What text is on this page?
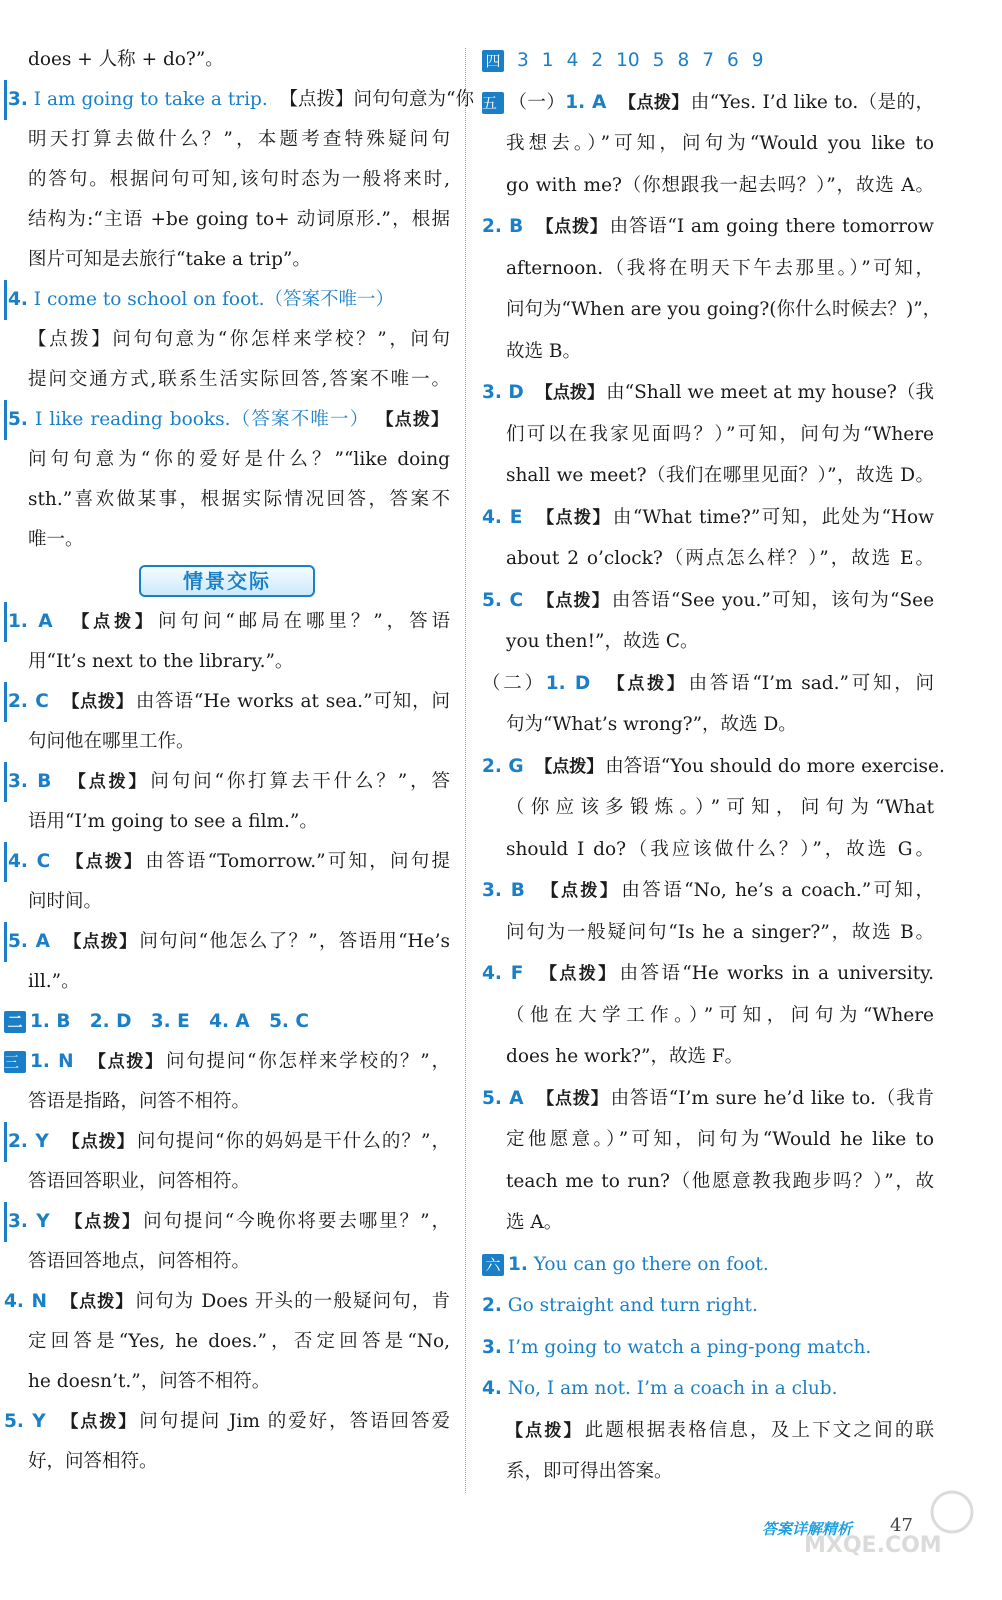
does + 人称 + do?”。
3. I am going to take a trip. 【点拨】问句句意为“你
明天打算去做什么？”，本题考查特殊疑问句
的答句。根据问句可知,该句时态为一般将来时,
结构为:“主语 +be going to+ 动词原形.”，根据
图片可知是去旅行“take a trip”。
4. I come to school on foot.（答案不唯一）
【点拨】问句句意为“你怎样来学校？”，问句
提问交通方式,联系生活实际回答,答案不唯一。
5. I like reading books.（答案不唯一） 【点拨】
问句句意为“你的爱好是什么？”“like doing
sth.”喜欢做某事，根据实际情况回答，答案不
唯一。
情景交际
1. A 【点拨】 问句问“邮局在哪里？”，答语
用“It’s next to the library.”。
2. C 【点拨】 由答语“He works at sea.”可知，问
句问他在哪里工作。
3. B 【点拨】 问句问“你打算去干什么？”，答
语用“I’m going to see a film.”。
4. C 【点拨】 由答语“Tomorrow.”可知，问句提
问时间。
5. A 【点拨】 问句问“他怎么了？”，答语用“He’s
ill.”。
二 1. B   2. D   3. E   4. A   5. C
三 1. N 【点拨】 问句提问“你怎样来学校的？”，
答语是指路，问答不相符。
2. Y 【点拨】 问句提问“你的妈妈是干什么的？”，
答语回答职业，问答相符。
3. Y 【点拨】 问句提问“今晚你将要去哪里？”，
答语回答地点，问答相符。
4. N 【点拨】 问句为 Does 开头的一般疑问句，肯
定回答是“Yes, he does.”，否定回答是“No,
he doesn’t.”，问答不相符。
5. Y 【点拨】 问句提问 Jim 的爱好，答语回答爱
好，问答相符。
四 3 1 4 2 10 5 8 7 6 9
五 （一）1. A 【点拨】 由“Yes. I’d like to.（是的，
我想去。）”可知，问句为“Would you like to
go with me?（你想跟我一起去吗？）”，故选 A。
2. B 【点拨】 由答语“I am going there tomorrow
afternoon.（我将在明天下午去那里。）”可知，
问句为“When are you going?(你什么时候去？)”，
故选 B。
3. D 【点拨】 由“Shall we meet at my house?（我
们可以在我家见面吗？）”可知，问句为“Where
shall we meet?（我们在哪里见面？）”，故选 D。
4. E 【点拨】 由“What time?”可知，此处为“How
about 2 o’clock?（两点怎么样？）”，故选 E。
5. C 【点拨】 由答语“See you.”可知，该句为“See
you then!”，故选 C。
（二）1. D 【点拨】 由答语“I’m sad.”可知，问
句为“What’s wrong?”，故选 D。
2. G 【点拨】 由答语“You should do more exercise.
（你应该多锻炼。）”可知，问句为“What
should I do?（我应该做什么？）”，故选 G。
3. B 【点拨】 由答语“No, he’s a coach.”可知，
问句为一般疑问句“Is he a singer?”，故选 B。
4. F 【点拨】 由答语“He works in a university.
（他在大学工作。）”可知，问句为“Where
does he work?”，故选 F。
5. A 【点拨】 由答语“I’m sure he’d like to.（我肯
定他愿意。）”可知，问句为“Would he like to
teach me to run?（他愿意教我跑步吗？）”，故
选 A。
六 1. You can go there on foot.
2. Go straight and turn right.
3. I’m going to watch a ping-pong match.
4. No, I am not. I’m a coach in a club.
【点拨】 此题根据表格信息，及上下文之间的联
系，即可得出答案。
答案详解精析 47
MXQE.COM
